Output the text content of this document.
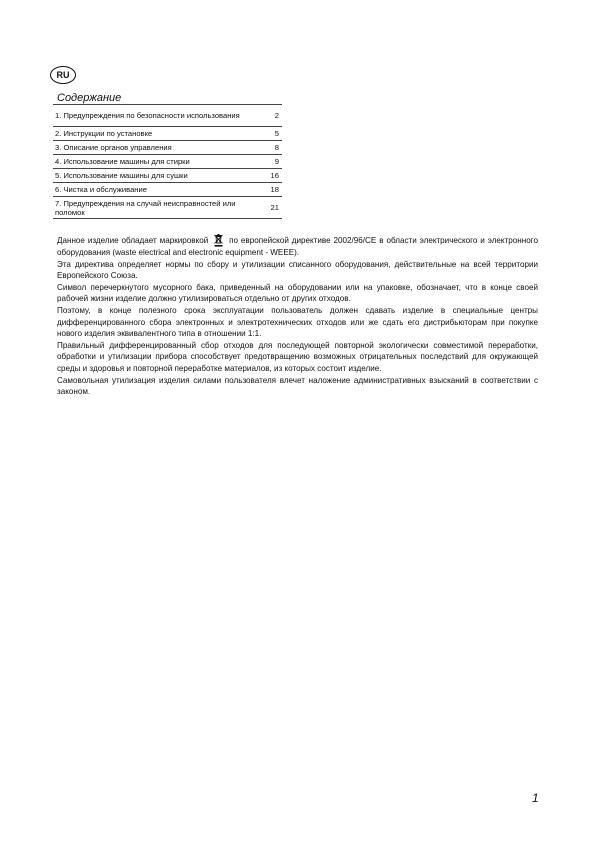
RU
Содержание
1. Предупреждения по безопасности использования	2
2. Инструкции по установке	5
3. Описание органов управления	8
4. Использование машины для стирки	9
5. Использование машины для сушки	16
6. Чистка и обслуживание	18
7. Предупреждения на случай неисправностей или поломок	21

Данное изделие обладает маркировкой	по европейской директиве 2002/96/CE в области электрического и электронного оборудования (waste electrical and electronic equipment - WEEE).

Эта директива определяет нормы по сбору и утилизации списанного оборудования, действительные на всей территории Европейского Союза.

Символ перечеркнутого мусорного бака, приведенный на оборудовании или на упаковке, обозначает, что в конце своей рабочей жизни изделие должно утилизироваться отдельно от других отходов.

Поэтому, в конце полезного срока эксплуатации пользователь должен сдавать изделие в специальные центры дифференцированного сбора электронных и электротехнических отходов или же сдать его дистрибьюторам при покупке нового изделия эквивалентного типа в отношении 1:1.

Правильный дифференцированный сбор отходов для последующей повторной экологически совместимой переработки, обработки и утилизации прибора способствует предотвращению возможных отрицательных последствий для окружающей среды и здоровья и повторной переработке материалов, из которых состоит изделие.

Самовольная утилизация изделия силами пользователя влечет наложение административных взысканий в соответствии с законом.

1
